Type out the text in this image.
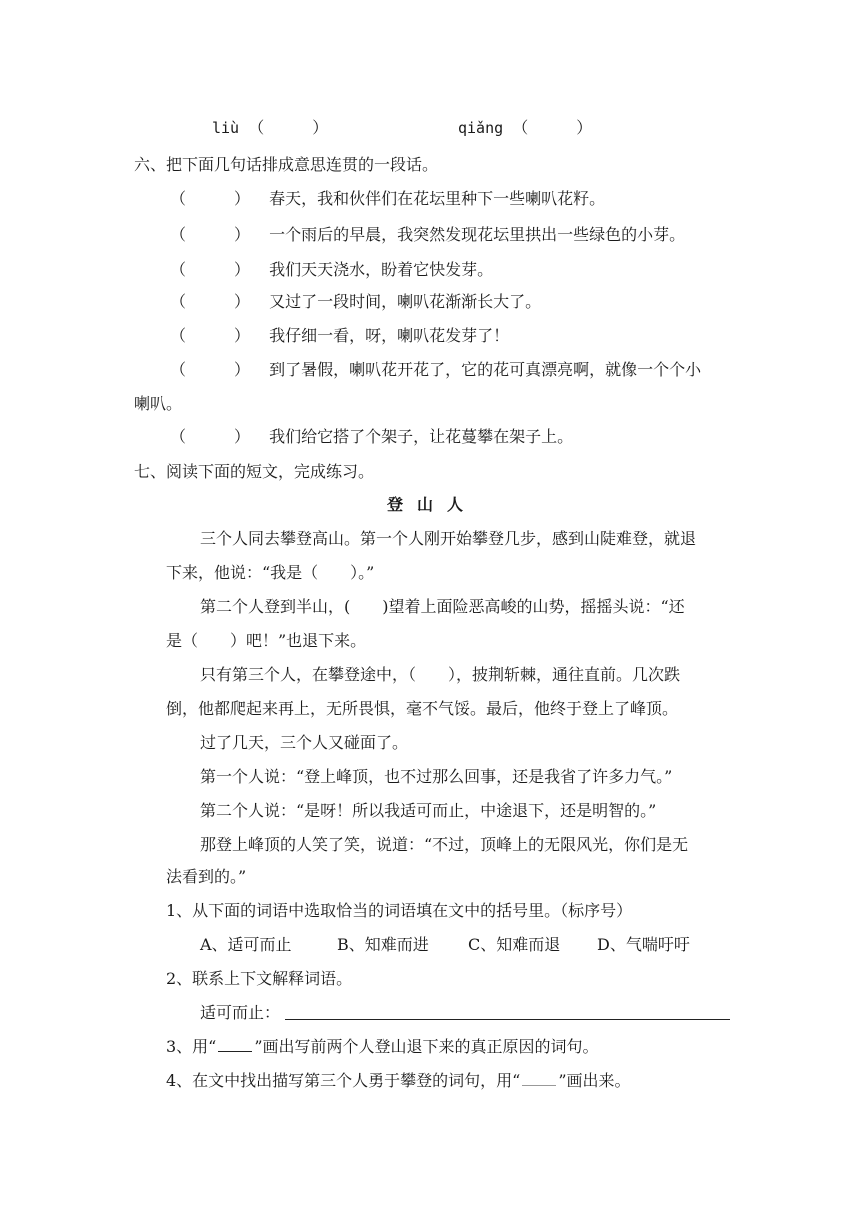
liù （　　　）	qiǎng （　　　）
六、把下面几句话排成意思连贯的一段话。
（　　　） 春天，我和伙伴们在花坛里种下一些喇叭花籽。
（　　　） 一个雨后的早晨，我突然发现花坛里拱出一些绿色的小芽。
（　　　） 我们天天浇水，盼着它快发芽。
（　　　） 又过了一段时间，喇叭花渐渐长大了。
（　　　） 我仔细一看，呀，喇叭花发芽了！
（　　　） 到了暑假，喇叭花开花了，它的花可真漂亮啊，就像一个个小
喇叭。
（　　　） 我们给它搭了个架子，让花蔓攀在架子上。
七、阅读下面的短文，完成练习。
登山人
三个人同去攀登高山。第一个人刚开始攀登几步，感到山陡难登，就退
下来，他说：“我是（　　）。”
第二个人登到半山，(　　)望着上面险恶高峻的山势，摇摇头说：“还
是（　　）吧！”也退下来。
只有第三个人，在攀登途中，（　　），披荆斩棘，通往直前。几次跌
倒，他都爬起来再上，无所畏惧，毫不气馁。最后，他终于登上了峰顶。
过了几天，三个人又碰面了。
第一个人说：“登上峰顶，也不过那么回事，还是我省了许多力气。”
第二个人说：“是呀！所以我适可而止，中途退下，还是明智的。”
那登上峰顶的人笑了笑，说道：“不过，顶峰上的无限风光，你们是无
法看到的。”
1、从下面的词语中选取恰当的词语填在文中的括号里。（标序号）
A、适可而止	B、知难而进 C、知难而退 D、气喘吁吁
2、联系上下文解释词语。
适可而止：
3、用“ ”画出写前两个人登山退下来的真正原因的词句。
4、在文中找出描写第三个人勇于攀登的词句，用“ ”画出来。
